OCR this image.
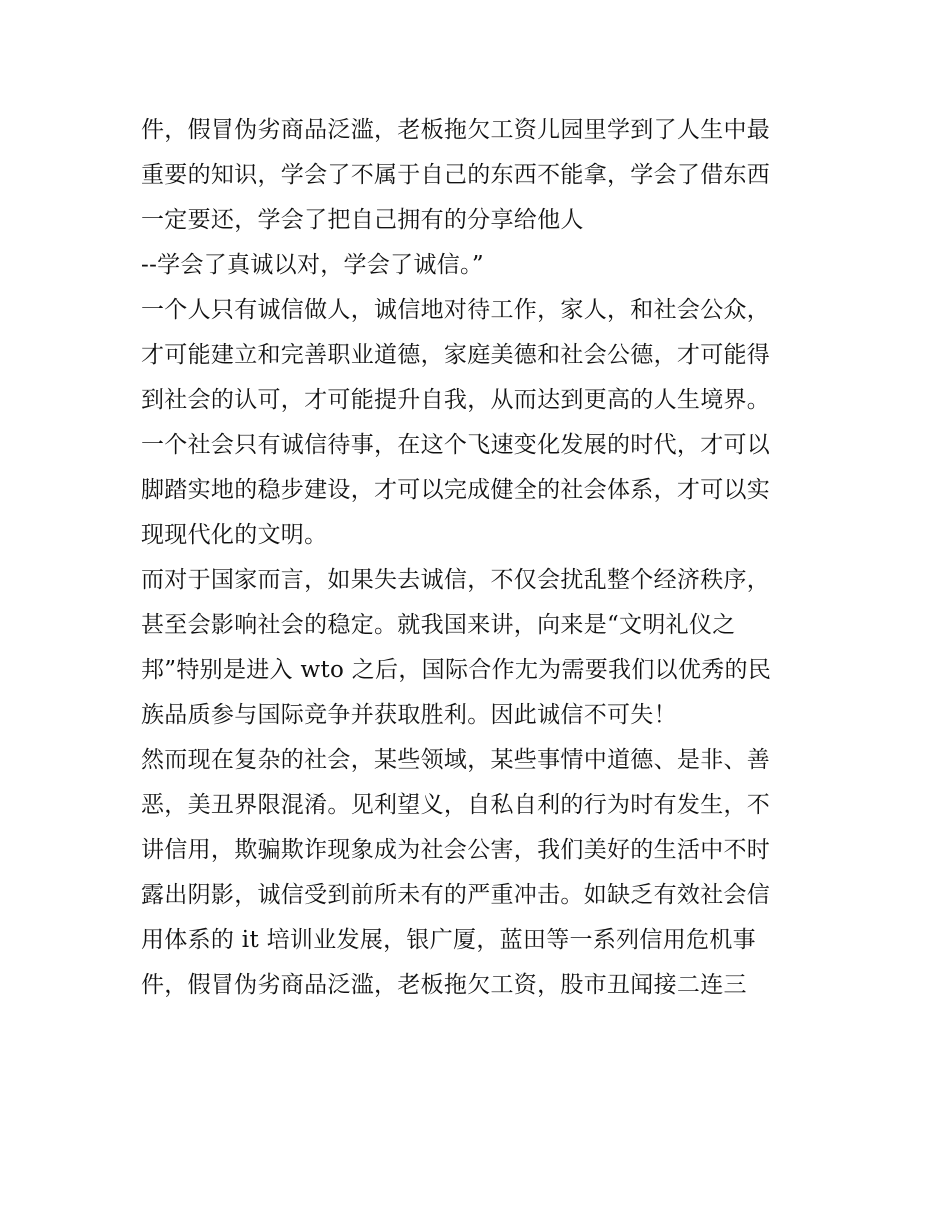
件，假冒伪劣商品泛滥，老板拖欠工资儿园里学到了人生中最
重要的知识，学会了不属于自己的东西不能拿，学会了借东西
一定要还，学会了把自己拥有的分享给他人
--学会了真诚以对，学会了诚信。”
一个人只有诚信做人，诚信地对待工作，家人，和社会公众，
才可能建立和完善职业道德，家庭美德和社会公德，才可能得
到社会的认可，才可能提升自我，从而达到更高的人生境界。
一个社会只有诚信待事，在这个飞速变化发展的时代，才可以
脚踏实地的稳步建设，才可以完成健全的社会体系，才可以实
现现代化的文明。
而对于国家而言，如果失去诚信，不仅会扰乱整个经济秩序，
甚至会影响社会的稳定。就我国来讲，向来是“文明礼仪之
邦”特别是进入 wto 之后，国际合作尢为需要我们以优秀的民
族品质参与国际竞争并获取胜利。因此诚信不可失！
然而现在复杂的社会，某些领域，某些事情中道德、是非、善
恶，美丑界限混淆。见利望义，自私自利的行为时有发生，不
讲信用，欺骗欺诈现象成为社会公害，我们美好的生活中不时
露出阴影，诚信受到前所未有的严重冲击。如缺乏有效社会信
用体系的 it 培训业发展，银广厦，蓝田等一系列信用危机事
件，假冒伪劣商品泛滥，老板拖欠工资，股市丑闻接二连三
